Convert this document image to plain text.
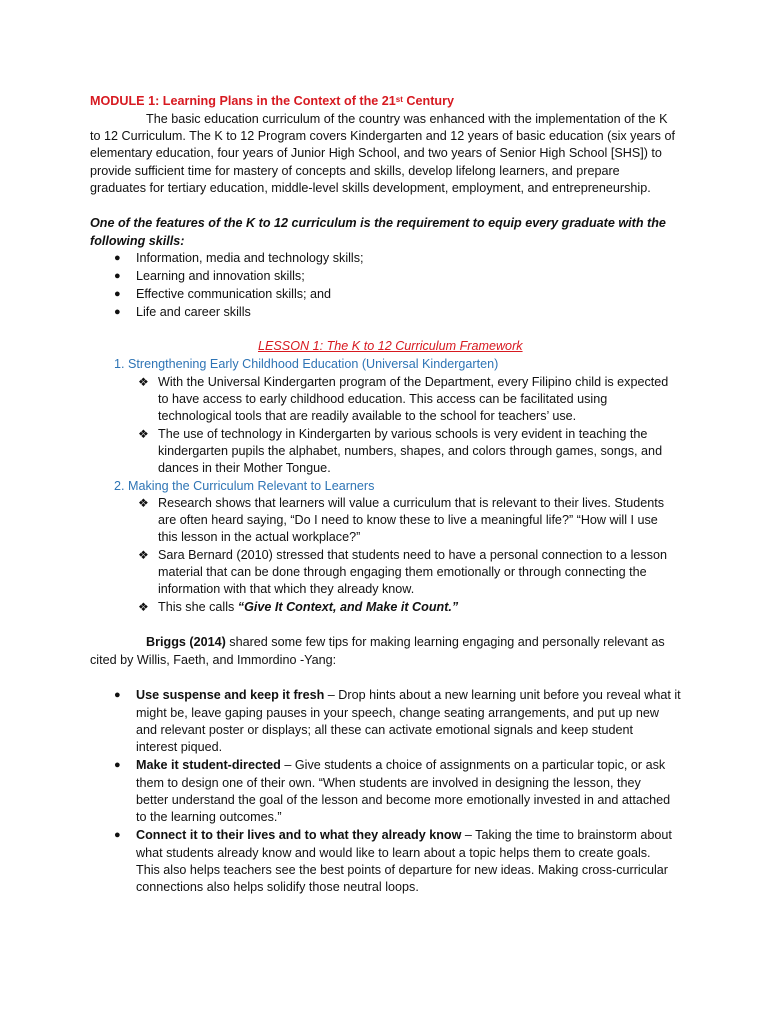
MODULE 1: Learning Plans in the Context of the 21st Century
The basic education curriculum of the country was enhanced with the implementation of the K
to 12 Curriculum. The K to 12 Program covers Kindergarten and 12 years of basic education (six years of
elementary education, four years of Junior High School, and two years of Senior High School [SHS]) to
provide sufficient time for mastery of concepts and skills, develop lifelong learners, and prepare
graduates for tertiary education, middle-level skills development, employment, and entrepreneurship.
One of the features of the K to 12 curriculum is the requirement to equip every graduate with the
following skills:
● Information, media and technology skills;
● Learning and innovation skills;
● Effective communication skills; and
● Life and career skills
LESSON 1: The K to 12 Curriculum Framework
1. Strengthening Early Childhood Education (Universal Kindergarten)
❖ With the Universal Kindergarten program of the Department, every Filipino child is expected
to have access to early childhood education. This access can be facilitated using
technological tools that are readily available to the school for teachers’ use.
❖ The use of technology in Kindergarten by various schools is very evident in teaching the
kindergarten pupils the alphabet, numbers, shapes, and colors through games, songs, and
dances in their Mother Tongue.
2. Making the Curriculum Relevant to Learners
❖ Research shows that learners will value a curriculum that is relevant to their lives. Students
are often heard saying, “Do I need to know these to live a meaningful life?” “How will I use
this lesson in the actual workplace?”
❖ Sara Bernard (2010) stressed that students need to have a personal connection to a lesson
material that can be done through engaging them emotionally or through connecting the
information with that which they already know.
❖ This she calls “Give It Context, and Make it Count.”
Briggs (2014) shared some few tips for making learning engaging and personally relevant as
cited by Willis, Faeth, and Immordino -Yang:
● Use suspense and keep it fresh – Drop hints about a new learning unit before you reveal what it
might be, leave gaping pauses in your speech, change seating arrangements, and put up new
and relevant poster or displays; all these can activate emotional signals and keep student
interest piqued.
● Make it student-directed – Give students a choice of assignments on a particular topic, or ask
them to design one of their own. “When students are involved in designing the lesson, they
better understand the goal of the lesson and become more emotionally invested in and attached
to the learning outcomes.”
● Connect it to their lives and to what they already know – Taking the time to brainstorm about
what students already know and would like to learn about a topic helps them to create goals.
This also helps teachers see the best points of departure for new ideas. Making cross-curricular
connections also helps solidify those neutral loops.
